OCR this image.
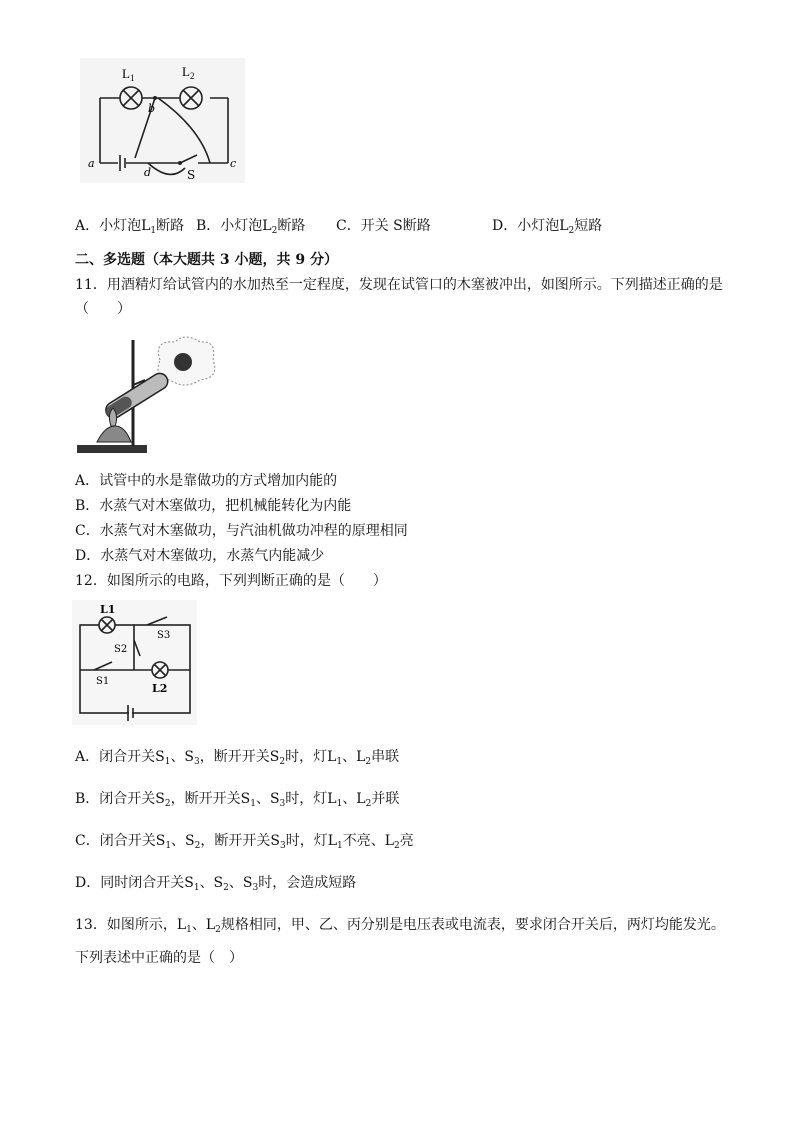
$L_1$	$L_2$
b
a	c
d	S
A．小灯泡$L_1$断路 B．小灯泡$L_2$断路 C．开关 S断路	D．小灯泡$L_2$短路
二、多选题（本大题共 3 小题，共 9 分）
11．用酒精灯给试管内的水加热至一定程度，发现在试管口的木塞被冲出，如图所示。下列描述正确的是
（　　）
A．试管中的水是靠做功的方式增加内能的
B．水蒸气对木塞做功，把机械能转化为内能
C．水蒸气对木塞做功，与汽油机做功冲程的原理相同
D．水蒸气对木塞做功，水蒸气内能减少
12．如图所示的电路，下列判断正确的是（　　）
L1
S3
S2
S1
L2
A．闭合开关$S_1$、$S_3$，断开开关$S_2$时，灯$L_1$、$L_2$串联
B．闭合开关$S_2$，断开开关$S_1$、$S_3$时，灯$L_1$、$L_2$并联
C．闭合开关$S_1$、$S_2$，断开开关$S_3$时，灯$L_1$不亮、$L_2$亮
D．同时闭合开关$S_1$、$S_2$、$S_3$时，会造成短路
13．如图所示，$L_1$、$L_2$规格相同，甲、乙、丙分别是电压表或电流表，要求闭合开关后，两灯均能发光。
下列表述中正确的是（　）
